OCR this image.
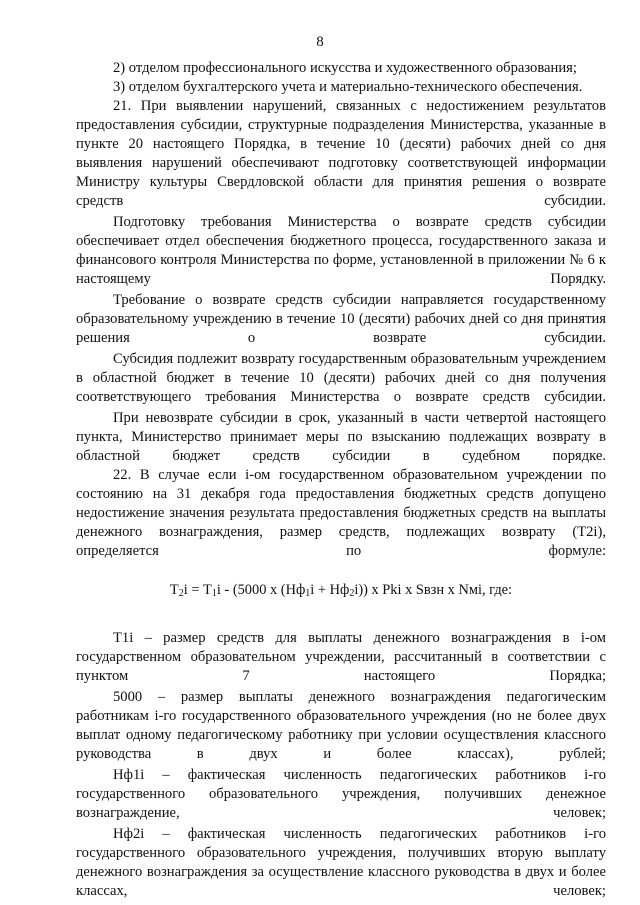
8

2) отделом профессионального искусства и художественного образования;

3) отделом бухгалтерского учета и материально-технического обеспечения.

21. При выявлении нарушений, связанных с недостижением результатов предоставления субсидии, структурные подразделения Министерства, указанные в пункте 20 настоящего Порядка, в течение 10 (десяти) рабочих дней со дня выявления нарушений обеспечивают подготовку соответствующей информации Министру культуры Свердловской области для принятия решения о возврате средств субсидии.

Подготовку требования Министерства о возврате средств субсидии обеспечивает отдел обеспечения бюджетного процесса, государственного заказа и финансового контроля Министерства по форме, установленной в приложении № 6 к настоящему Порядку.

Требование о возврате средств субсидии направляется государственному образовательному учреждению в течение 10 (десяти) рабочих дней со дня принятия решения о возврате субсидии.

Субсидия подлежит возврату государственным образовательным учреждением в областной бюджет в течение 10 (десяти) рабочих дней со дня получения соответствующего требования Министерства о возврате средств субсидии.

При невозврате субсидии в срок, указанный в части четвертой настоящего пункта, Министерство принимает меры по взысканию подлежащих возврату в областной бюджет средств субсидии в судебном порядке.

22. В случае если i-ом государственном образовательном учреждении по состоянию на 31 декабря года предоставления бюджетных средств допущено недостижение значения результата предоставления бюджетных средств на выплаты денежного вознаграждения, размер средств, подлежащих возврату (Т2i), определяется по формуле:

$Т_2i = Т_1i - (5000$ х $(Нф_1i + Нф_2i)$) х Рki х Sвзн х Nмi, где:

Т1i – размер средств для выплаты денежного вознаграждения в i-ом государственном образовательном учреждении, рассчитанный в соответствии с пунктом 7 настоящего Порядка;

5000 – размер выплаты денежного вознаграждения педагогическим работникам i-го государственного образовательного учреждения (но не более двух выплат одному педагогическому работнику при условии осуществления классного руководства в двух и более классах), рублей;

Нф1i – фактическая численность педагогических работников i-го государственного образовательного учреждения, получивших денежное вознаграждение, человек;

Нф2i – фактическая численность педагогических работников i-го государственного образовательного учреждения, получивших вторую выплату денежного вознаграждения за осуществление классного руководства в двух и более классах, человек;
